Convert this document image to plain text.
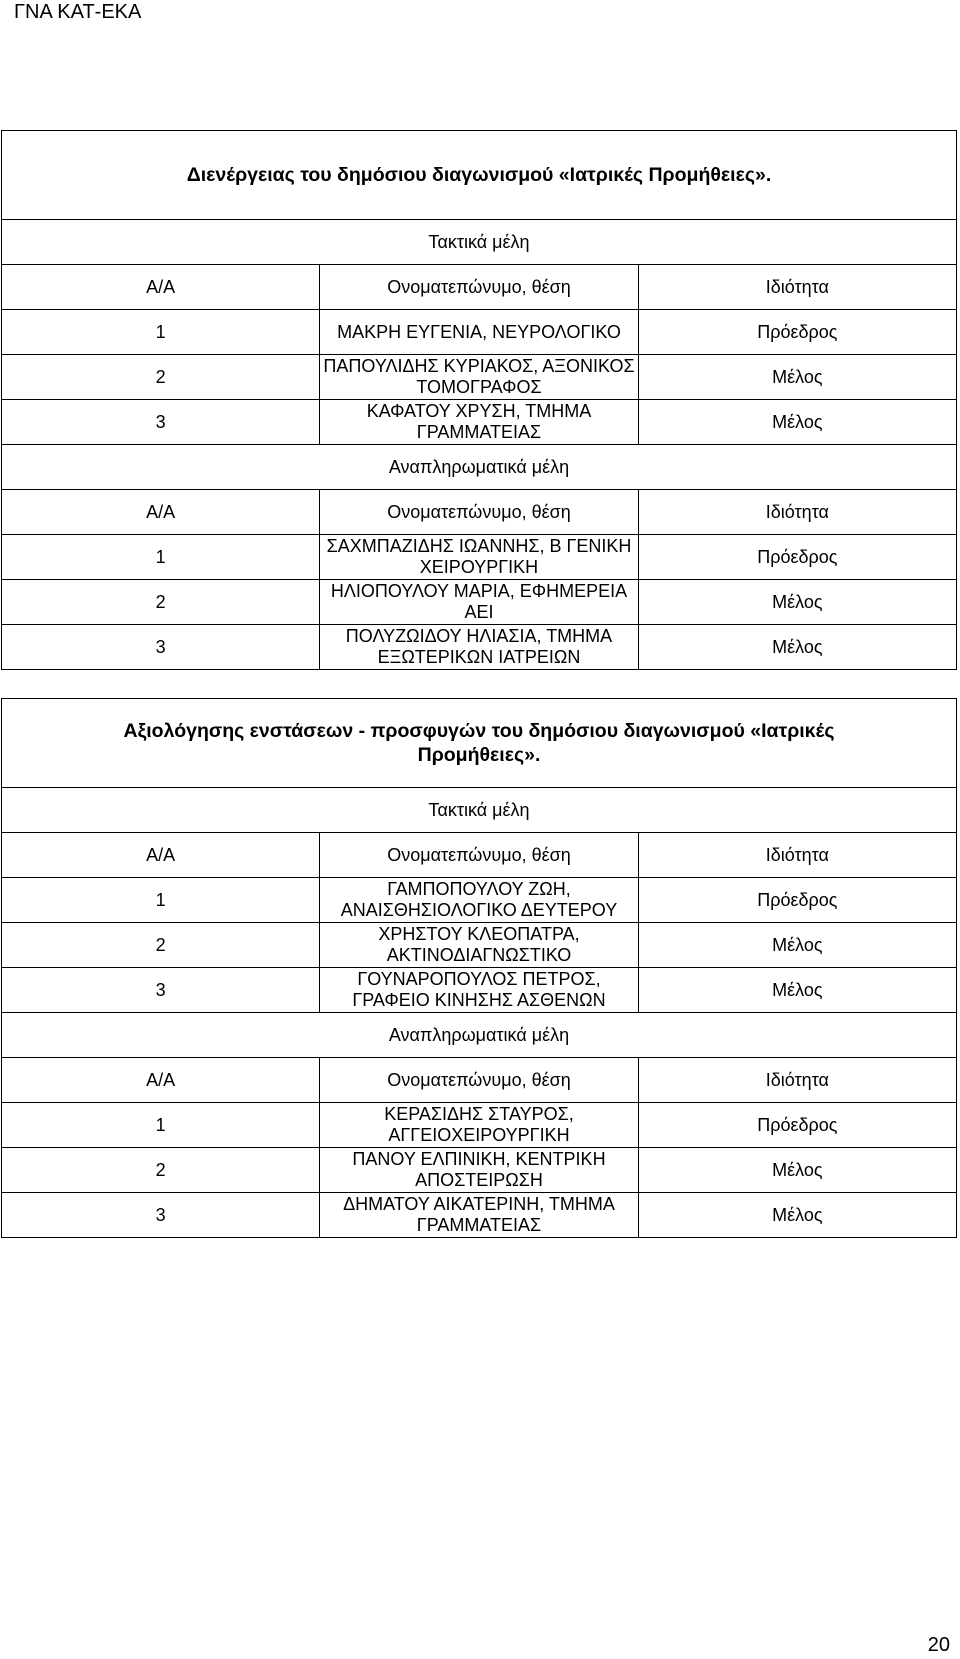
ΓΝΑ ΚΑΤ-ΕΚΑ
Διενέργειας του δημόσιου διαγωνισμού «Ιατρικές Προμήθειες».		
Τακτικά μέλη		
Α/Α	Ονοματεπώνυμο, θέση	Ιδιότητα
1	ΜΑΚΡΗ ΕΥΓΕΝΙΑ, ΝΕΥΡΟΛΟΓΙΚΟ	Πρόεδρος
2	ΠΑΠΟΥΛΙΔΗΣ ΚΥΡΙΑΚΟΣ, ΑΞΟΝΙΚΟΣ ΤΟΜΟΓΡΑΦΟΣ	Μέλος
3	ΚΑΦΑΤΟΥ ΧΡΥΣΗ, ΤΜΗΜΑ ΓΡΑΜΜΑΤΕΙΑΣ	Μέλος
Αναπληρωματικά μέλη		
Α/Α	Ονοματεπώνυμο, θέση	Ιδιότητα
1	ΣΑΧΜΠΑΖΙΔΗΣ ΙΩΑΝΝΗΣ, Β ΓΕΝΙΚΗ ΧΕΙΡΟΥΡΓΙΚΗ	Πρόεδρος
2	ΗΛΙΟΠΟΥΛΟΥ ΜΑΡΙΑ, ΕΦΗΜΕΡΕΙΑ ΑΕΙ	Μέλος
3	ΠΟΛΥΖΩΙΔΟΥ ΗΛΙΑΣΙΑ, ΤΜΗΜΑ ΕΞΩΤΕΡΙΚΩΝ ΙΑΤΡΕΙΩΝ	Μέλος
Αξιολόγησης ενστάσεων - προσφυγών του δημόσιου διαγωνισμού «Ιατρικές Προμήθειες».		
Τακτικά μέλη		
Α/Α	Ονοματεπώνυμο, θέση	Ιδιότητα
1	ΓΑΜΠΟΠΟΥΛΟΥ ΖΩΗ, ΑΝΑΙΣΘΗΣΙΟΛΟΓΙΚΟ ΔΕΥΤΕΡΟΥ	Πρόεδρος
2	ΧΡΗΣΤΟΥ ΚΛΕΟΠΑΤΡΑ, ΑΚΤΙΝΟΔΙΑΓΝΩΣΤΙΚΟ	Μέλος
3	ΓΟΥΝΑΡΟΠΟΥΛΟΣ ΠΕΤΡΟΣ, ΓΡΑΦΕΙΟ ΚΙΝΗΣΗΣ ΑΣΘΕΝΩΝ	Μέλος
Αναπληρωματικά μέλη		
Α/Α	Ονοματεπώνυμο, θέση	Ιδιότητα
1	ΚΕΡΑΣΙΔΗΣ ΣΤΑΥΡΟΣ, ΑΓΓΕΙΟΧΕΙΡΟΥΡΓΙΚΗ	Πρόεδρος
2	ΠΑΝΟΥ ΕΛΠΙΝΙΚΗ, ΚΕΝΤΡΙΚΗ ΑΠΟΣΤΕΙΡΩΣΗ	Μέλος
3	ΔΗΜΑΤΟΥ ΑΙΚΑΤΕΡΙΝΗ, ΤΜΗΜΑ ΓΡΑΜΜΑΤΕΙΑΣ	Μέλος
20
